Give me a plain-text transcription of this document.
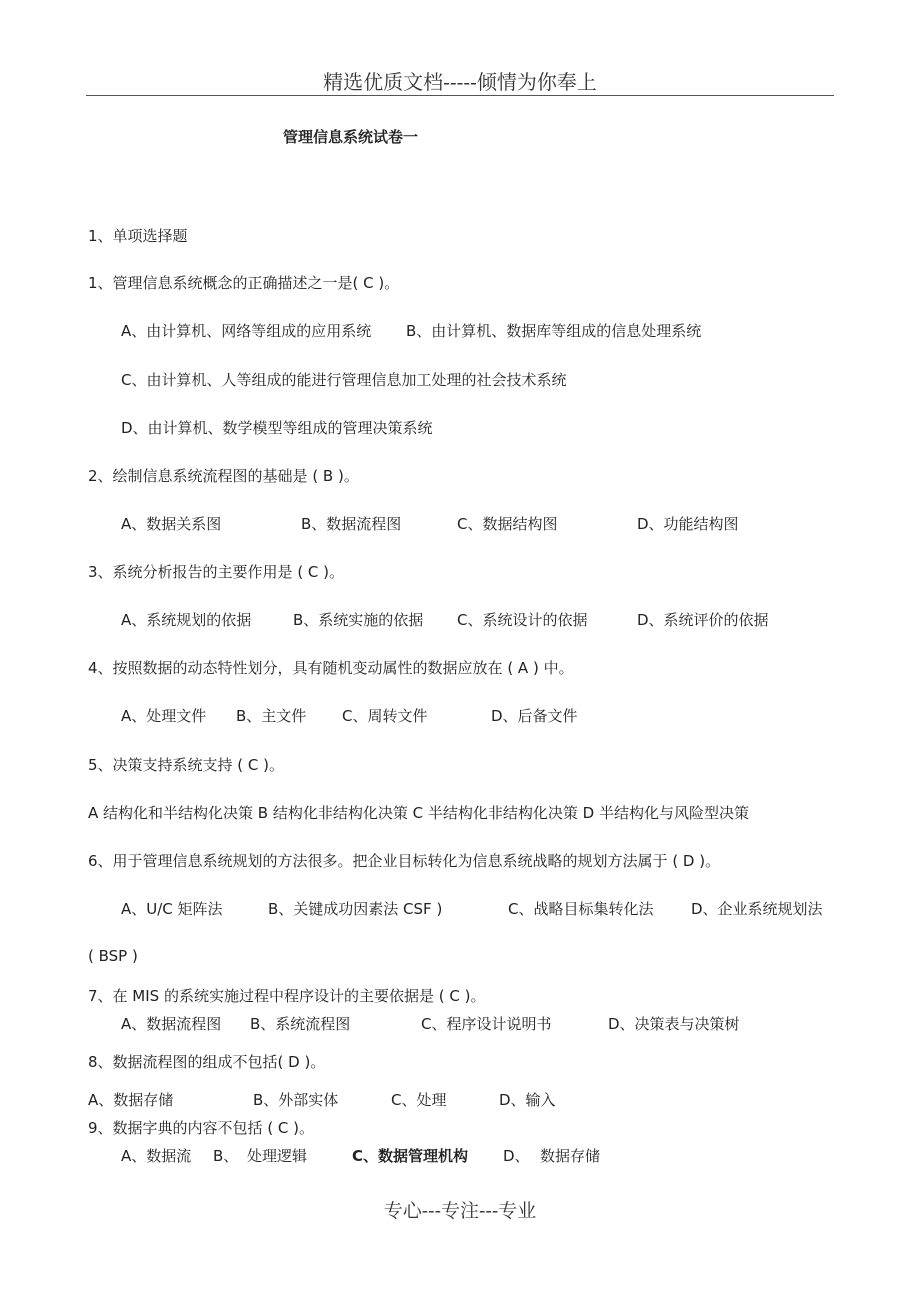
精选优质文档-----倾情为你奉上
管理信息系统试卷一
1、单项选择题
1、管理信息系统概念的正确描述之一是( C )。
A、由计算机、网络等组成的应用系统 B、由计算机、数据库等组成的信息处理系统
C、由计算机、人等组成的能进行管理信息加工处理的社会技术系统
D、由计算机、数学模型等组成的管理决策系统
2、绘制信息系统流程图的基础是 ( B )。
A、数据关系图	B、数据流程图	C、数据结构图	D、功能结构图
3、系统分析报告的主要作用是 ( C )。
A、系统规划的依据	B、系统实施的依据 C、系统设计的依据	D、系统评价的依据
4、按照数据的动态特性划分，具有随机变动属性的数据应放在 ( A ) 中。
A、处理文件 B、主文件 C、周转文件	D、后备文件
5、决策支持系统支持 ( C )。
A 结构化和半结构化决策 B 结构化非结构化决策 C 半结构化非结构化决策 D 半结构化与风险型决策
6、用于管理信息系统规划的方法很多。把企业目标转化为信息系统战略的规划方法属于 ( D )。
A、U/C 矩阵法	B、关键成功因素法 CSF )	C、战略目标集转化法	D、企业系统规划法
( BSP )
7、在 MIS 的系统实施过程中程序设计的主要依据是 ( C )。
A、数据流程图 B、系统流程图	C、程序设计说明书	D、决策表与决策树
8、数据流程图的组成不包括( D )。
A、数据存储	B、外部实体	C、处理	D、输入
9、数据字典的内容不包括 ( C )。
A、数据流 B、 处理逻辑	C、数据管理机构 D、 数据存储
专心---专注---专业
